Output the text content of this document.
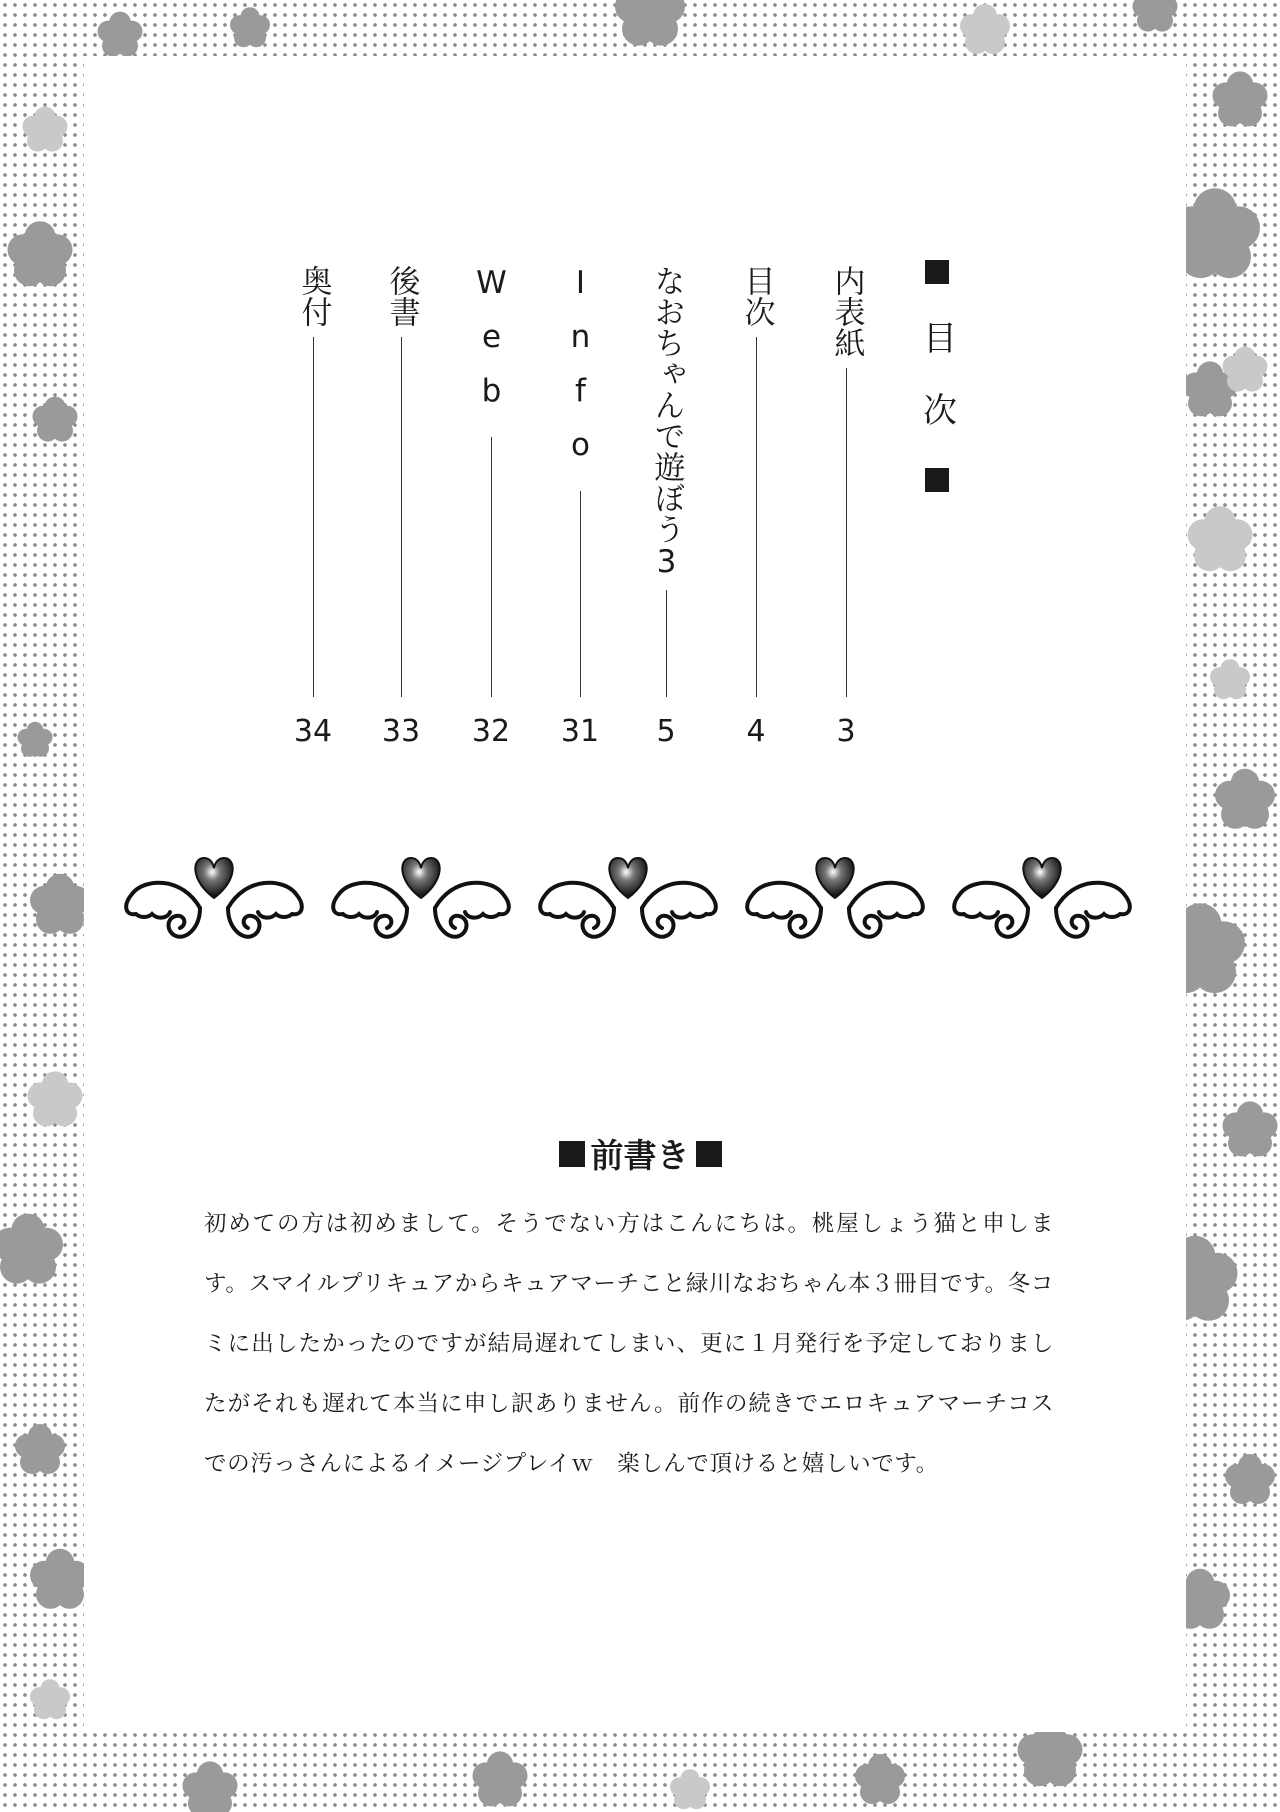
目次
内表紙
3
目次
4
なおちゃんで遊ぼう3
5
Info
31
Web
32
後書
33
奥付
34
前書き
初めての方は初めまして。そうでない方はこんにちは。桃屋しょう猫と申します。スマイルプリキュアからキュアマーチこと緑川なおちゃん本３冊目です。冬コミに出したかったのですが結局遅れてしまい、更に１月発行を予定しておりましたがそれも遅れて本当に申し訳ありません。前作の続きでエロキュアマーチコスでの汚っさんによるイメージプレイｗ　楽しんで頂けると嬉しいです。
